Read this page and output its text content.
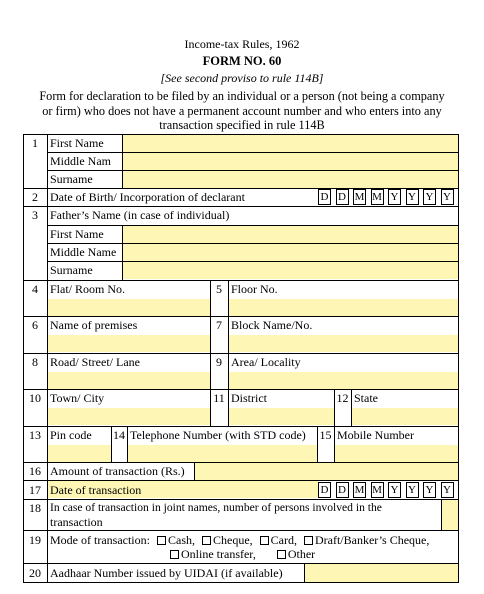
Income-tax Rules, 1962
FORM NO. 60
[See second proviso to rule 114B]
Form for declaration to be filed by an individual or a person (not being a company or firm) who does not have a permanent account number and who enters into any transaction specified in rule 114B
1	First Name
Middle Nam
Surname
2	Date of Birth/ Incorporation of declarant	D D M M Y Y Y Y
3	Father’s Name (in case of individual)
First Name
Middle Name
Surname
4	Flat/ Room No.	5 Floor No.
6	Name of premises	7 Block Name/No.
8	Road/ Street/ Lane	9 Area/ Locality
10 Town/ City	11 District	12 State
13 Pin code 14 Telephone Number (with STD code) 15 Mobile Number
16 Amount of transaction (Rs.)
17 Date of transaction	D D M M Y Y Y Y
18 In case of transaction in joint names, number of persons involved in the
transaction
19 Mode of transaction: Cash, Cheque, Card, Draft/Banker’s Cheque,
Online transfer,	Other
20 Aadhaar Number issued by UIDAI (if available)
